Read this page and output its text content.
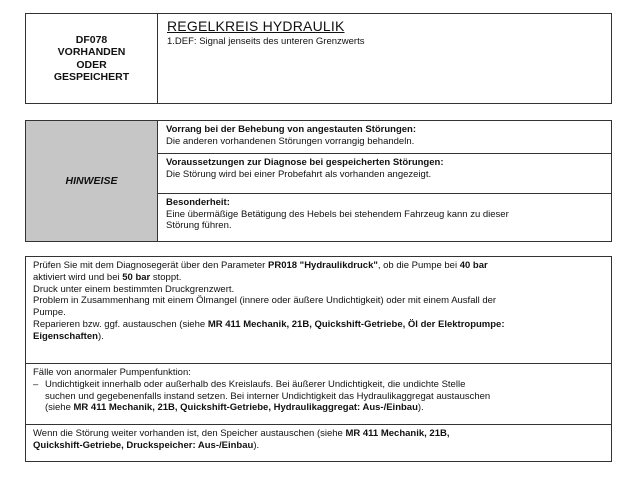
DF078
VORHANDEN
ODER
GESPEICHERT
REGELKREIS HYDRAULIK
1.DEF: Signal jenseits des unteren Grenzwerts
HINWEISE
Vorrang bei der Behebung von angestauten Störungen:
Die anderen vorhandenen Störungen vorrangig behandeln.
Voraussetzungen zur Diagnose bei gespeicherten Störungen:
Die Störung wird bei einer Probefahrt als vorhanden angezeigt.
Besonderheit:
Eine übermäßige Betätigung des Hebels bei stehendem Fahrzeug kann zu dieser
Störung führen.

Prüfen Sie mit dem Diagnosegerät über den Parameter PR018 "Hydraulikdruck", ob die Pumpe bei 40 bar

aktiviert wird und bei 50 bar stoppt.

Druck unter einem bestimmten Druckgrenzwert.

Problem in Zusammenhang mit einem Ölmangel (innere oder äußere Undichtigkeit) oder mit einem Ausfall der

Pumpe.

Reparieren bzw. ggf. austauschen (siehe MR 411 Mechanik, 21B, Quickshift-Getriebe, Öl der Elektropumpe:

Eigenschaften).

Fälle von anormaler Pumpenfunktion:

– Undichtigkeit innerhalb oder außerhalb des Kreislaufs. Bei äußerer Undichtigkeit, die undichte Stelle

suchen und gegebenenfalls instand setzen. Bei interner Undichtigkeit das Hydraulikaggregat austauschen

(siehe MR 411 Mechanik, 21B, Quickshift-Getriebe, Hydraulikaggregat: Aus-/Einbau).

Wenn die Störung weiter vorhanden ist, den Speicher austauschen (siehe MR 411 Mechanik, 21B,

Quickshift-Getriebe, Druckspeicher: Aus-/Einbau).
